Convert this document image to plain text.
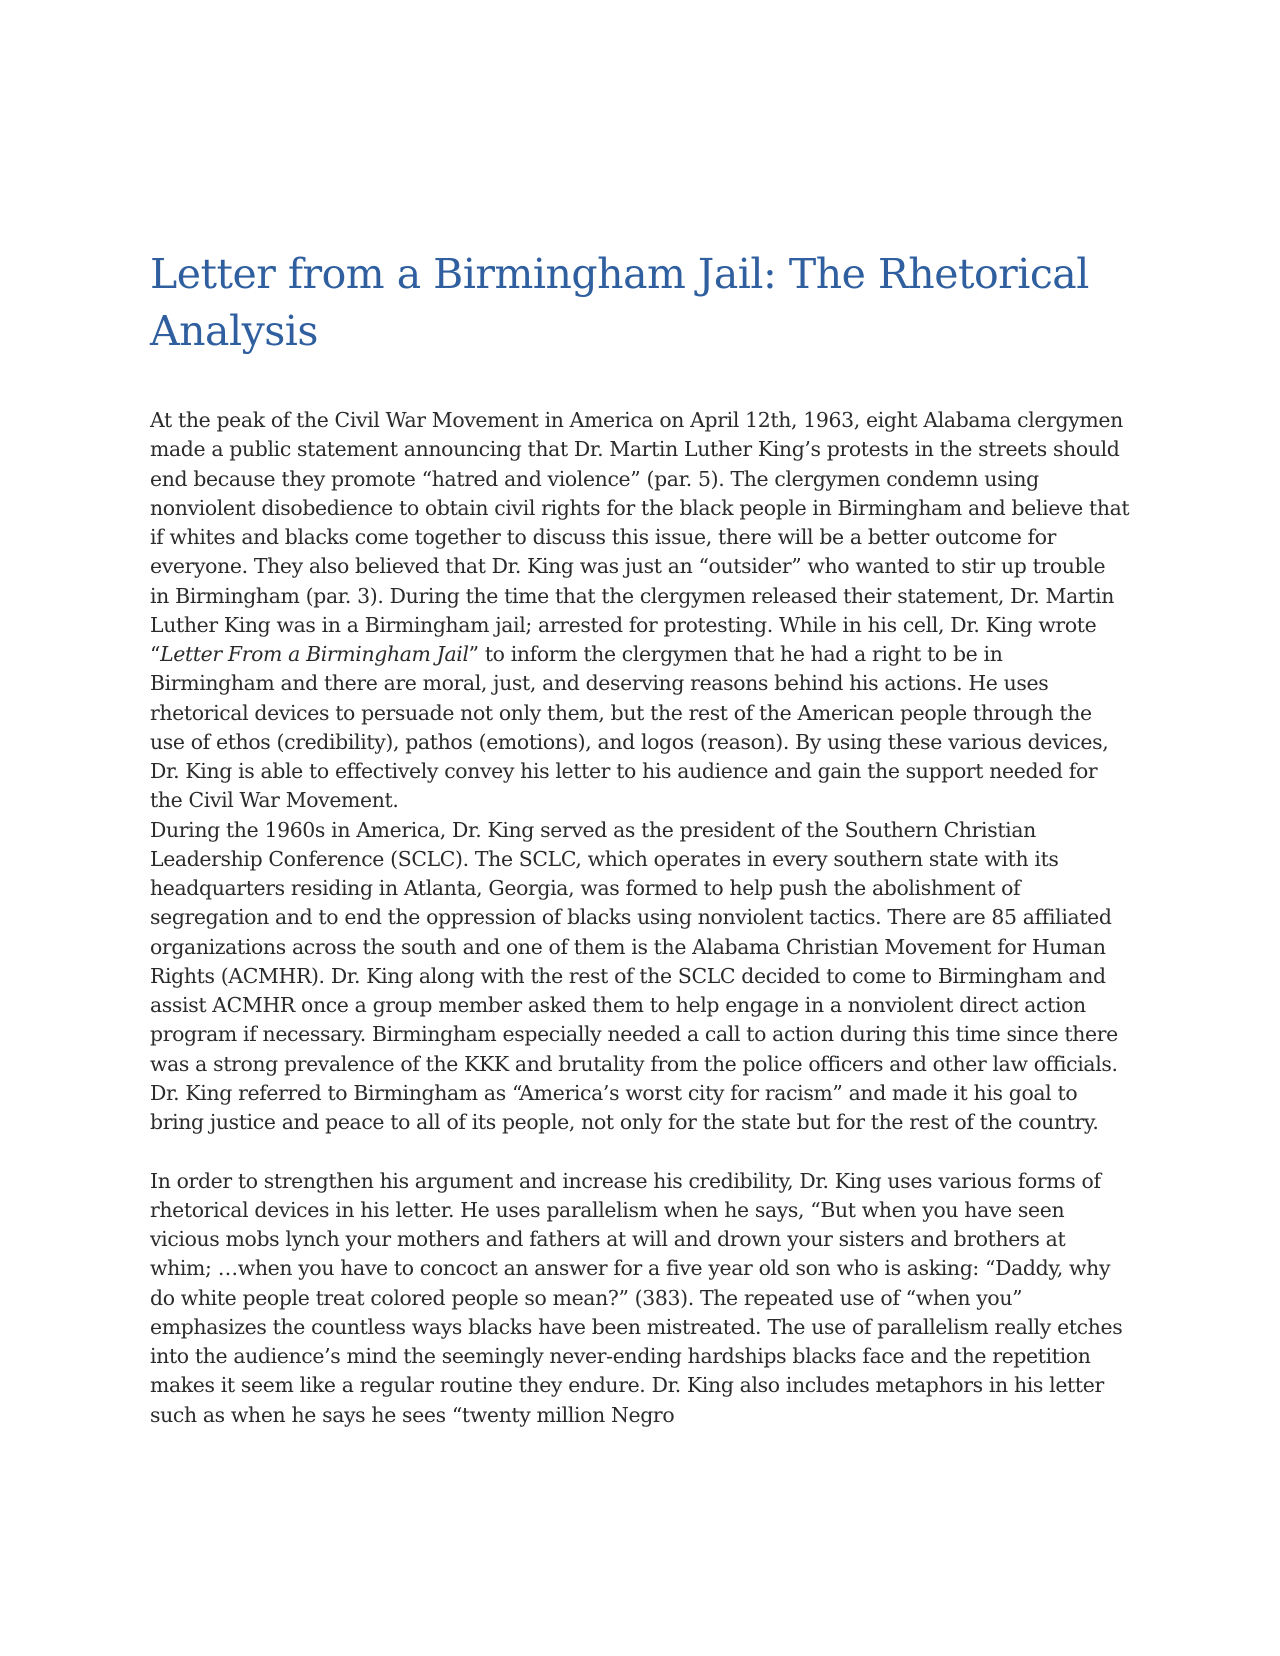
Letter from a Birmingham Jail: The Rhetorical Analysis

At the peak of the Civil War Movement in America on April 12th, 1963, eight Alabama clergymen made a public statement announcing that Dr. Martin Luther King’s protests in the streets should end because they promote “hatred and violence” (par. 5). The clergymen condemn using nonviolent disobedience to obtain civil rights for the black people in Birmingham and believe that if whites and blacks come together to discuss this issue, there will be a better outcome for everyone. They also believed that Dr. King was just an “outsider” who wanted to stir up trouble in Birmingham (par. 3). During the time that the clergymen released their statement, Dr. Martin Luther King was in a Birmingham jail; arrested for protesting. While in his cell, Dr. King wrote “Letter From a Birmingham Jail” to inform the clergymen that he had a right to be in Birmingham and there are moral, just, and deserving reasons behind his actions. He uses rhetorical devices to persuade not only them, but the rest of the American people through the use of ethos (credibility), pathos (emotions), and logos (reason). By using these various devices, Dr. King is able to effectively convey his letter to his audience and gain the support needed for the Civil War Movement.

During the 1960s in America, Dr. King served as the president of the Southern Christian Leadership Conference (SCLC). The SCLC, which operates in every southern state with its headquarters residing in Atlanta, Georgia, was formed to help push the abolishment of segregation and to end the oppression of blacks using nonviolent tactics. There are 85 affiliated organizations across the south and one of them is the Alabama Christian Movement for Human Rights (ACMHR). Dr. King along with the rest of the SCLC decided to come to Birmingham and assist ACMHR once a group member asked them to help engage in a nonviolent direct action program if necessary. Birmingham especially needed a call to action during this time since there was a strong prevalence of the KKK and brutality from the police officers and other law officials. Dr. King referred to Birmingham as “America’s worst city for racism” and made it his goal to bring justice and peace to all of its people, not only for the state but for the rest of the country.

In order to strengthen his argument and increase his credibility, Dr. King uses various forms of rhetorical devices in his letter. He uses parallelism when he says, “But when you have seen vicious mobs lynch your mothers and fathers at will and drown your sisters and brothers at whim; …when you have to concoct an answer for a five year old son who is asking: “Daddy, why do white people treat colored people so mean?” (383). The repeated use of “when you” emphasizes the countless ways blacks have been mistreated. The use of parallelism really etches into the audience’s mind the seemingly never-ending hardships blacks face and the repetition makes it seem like a regular routine they endure. Dr. King also includes metaphors in his letter such as when he says he sees “twenty million Negro
